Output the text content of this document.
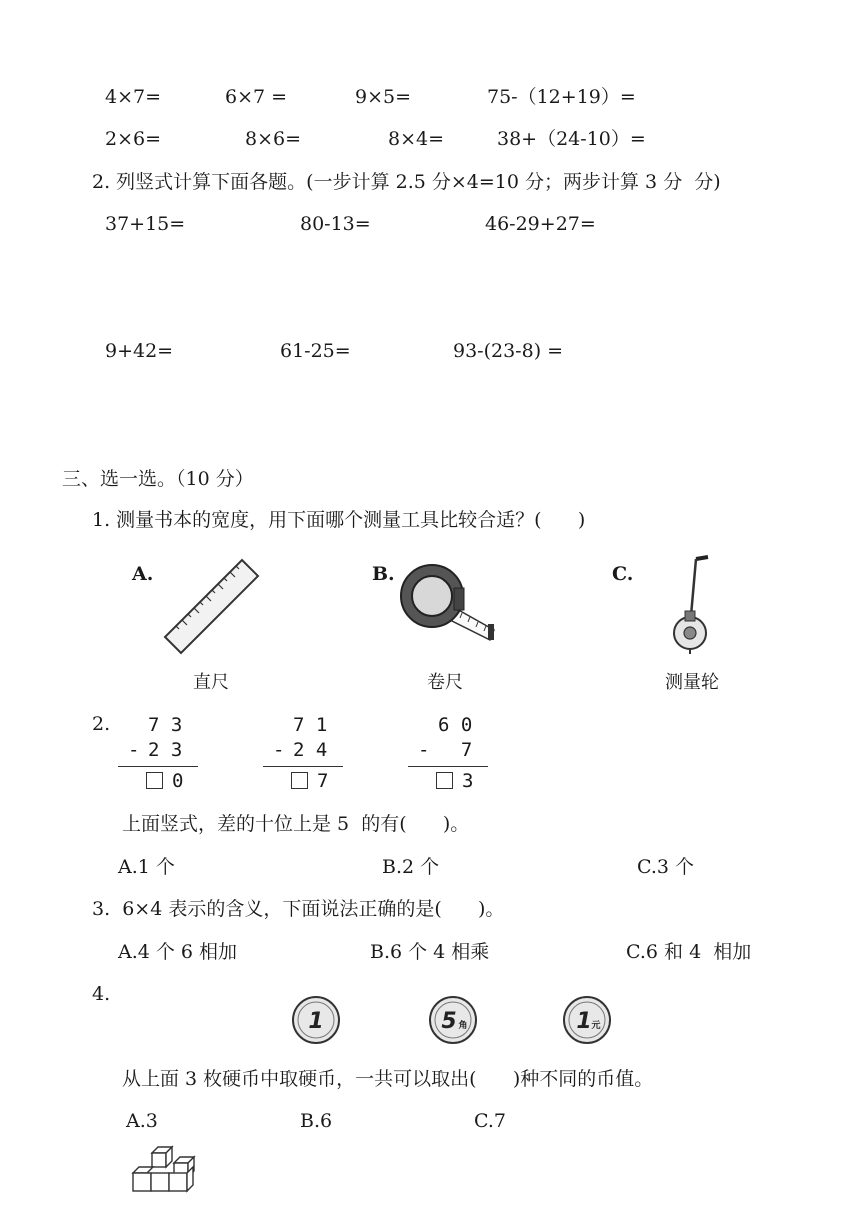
4×7=	6×7 =	9×5=	75-（12+19）=
2×6=	8×6=	8×4=	38+（24-10）=
2. 列竖式计算下面各题。(一步计算 2.5 分×4=10 分；两步计算 3 分  分)
37+15=	80-13=	46-29+27=
9+42=	61-25=	93-(23-8) =
三、选一选。（10 分）
1. 测量书本的宽度，用下面哪个测量工具比较合适？(      )
A.
直尺
B.
卷尺
C.
测量轮
2. 7 3
- 2 3
0
7 1
- 2 4
7
6 0
- 7
3
上面竖式，差的十位上是 5  的有(      )。
A.1 个	B.2 个	C.3 个
3.  6×4 表示的含义，下面说法正确的是(      )。
A.4 个 6 相加	B.6 个 4 相乘	C.6 和 4  相加
4.
1	5 角	1 元
从上面 3 枚硬币中取硬币，一共可以取出(      )种不同的币值。
A.3	B.6	C.7
